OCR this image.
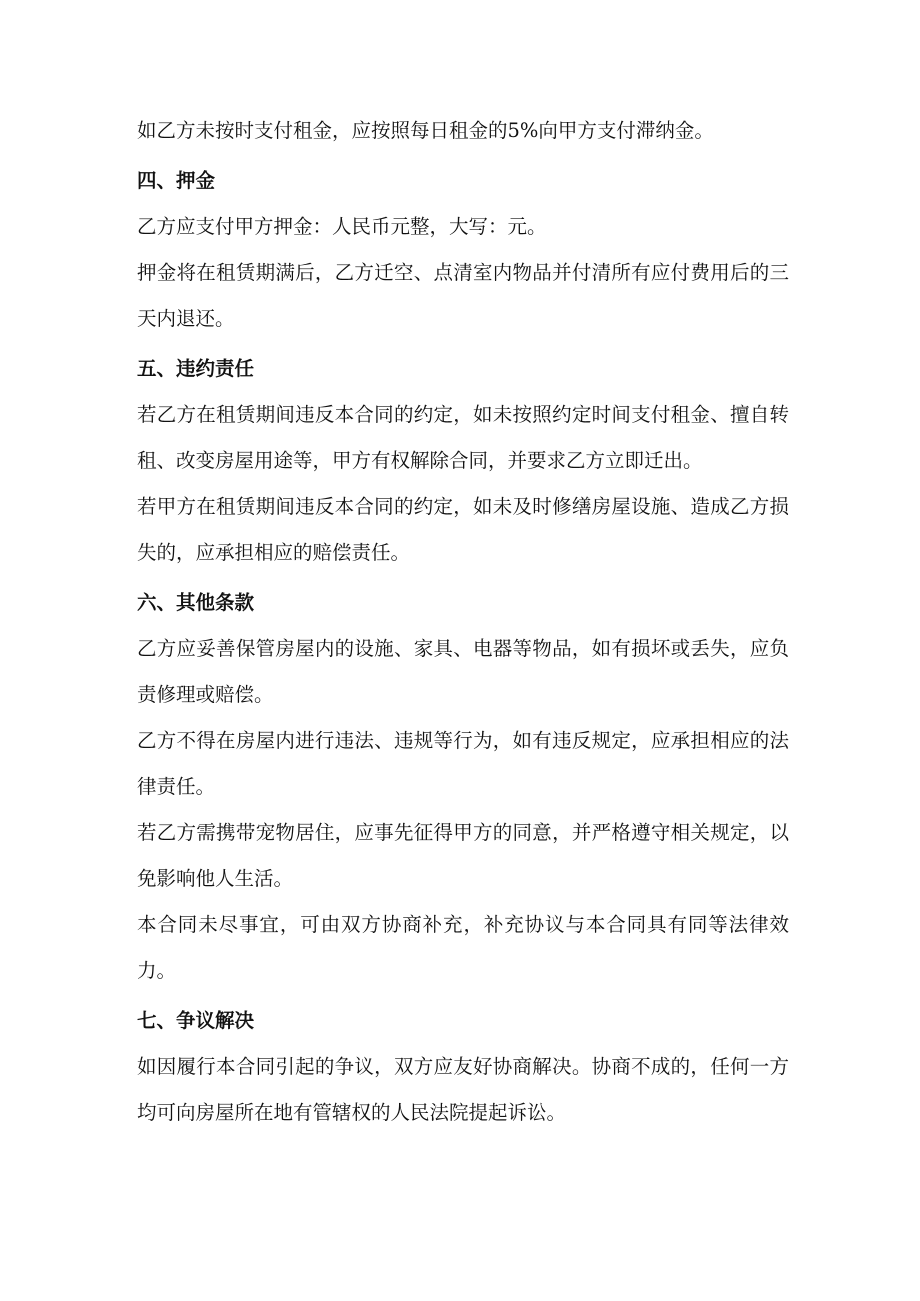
如乙方未按时支付租金，应按照每日租金的5%向甲方支付滞纳金。

四、押金

乙方应支付甲方押金：人民币元整，大写：元。

押金将在租赁期满后，乙方迁空、点清室内物品并付清所有应付费用后的三天内退还。

五、违约责任

若乙方在租赁期间违反本合同的约定，如未按照约定时间支付租金、擅自转租、改变房屋用途等，甲方有权解除合同，并要求乙方立即迁出。

若甲方在租赁期间违反本合同的约定，如未及时修缮房屋设施、造成乙方损失的，应承担相应的赔偿责任。

六、其他条款

乙方应妥善保管房屋内的设施、家具、电器等物品，如有损坏或丢失，应负责修理或赔偿。

乙方不得在房屋内进行违法、违规等行为，如有违反规定，应承担相应的法律责任。

若乙方需携带宠物居住，应事先征得甲方的同意，并严格遵守相关规定，以免影响他人生活。

本合同未尽事宜，可由双方协商补充，补充协议与本合同具有同等法律效力。

七、争议解决

如因履行本合同引起的争议，双方应友好协商解决。协商不成的，任何一方均可向房屋所在地有管辖权的人民法院提起诉讼。
